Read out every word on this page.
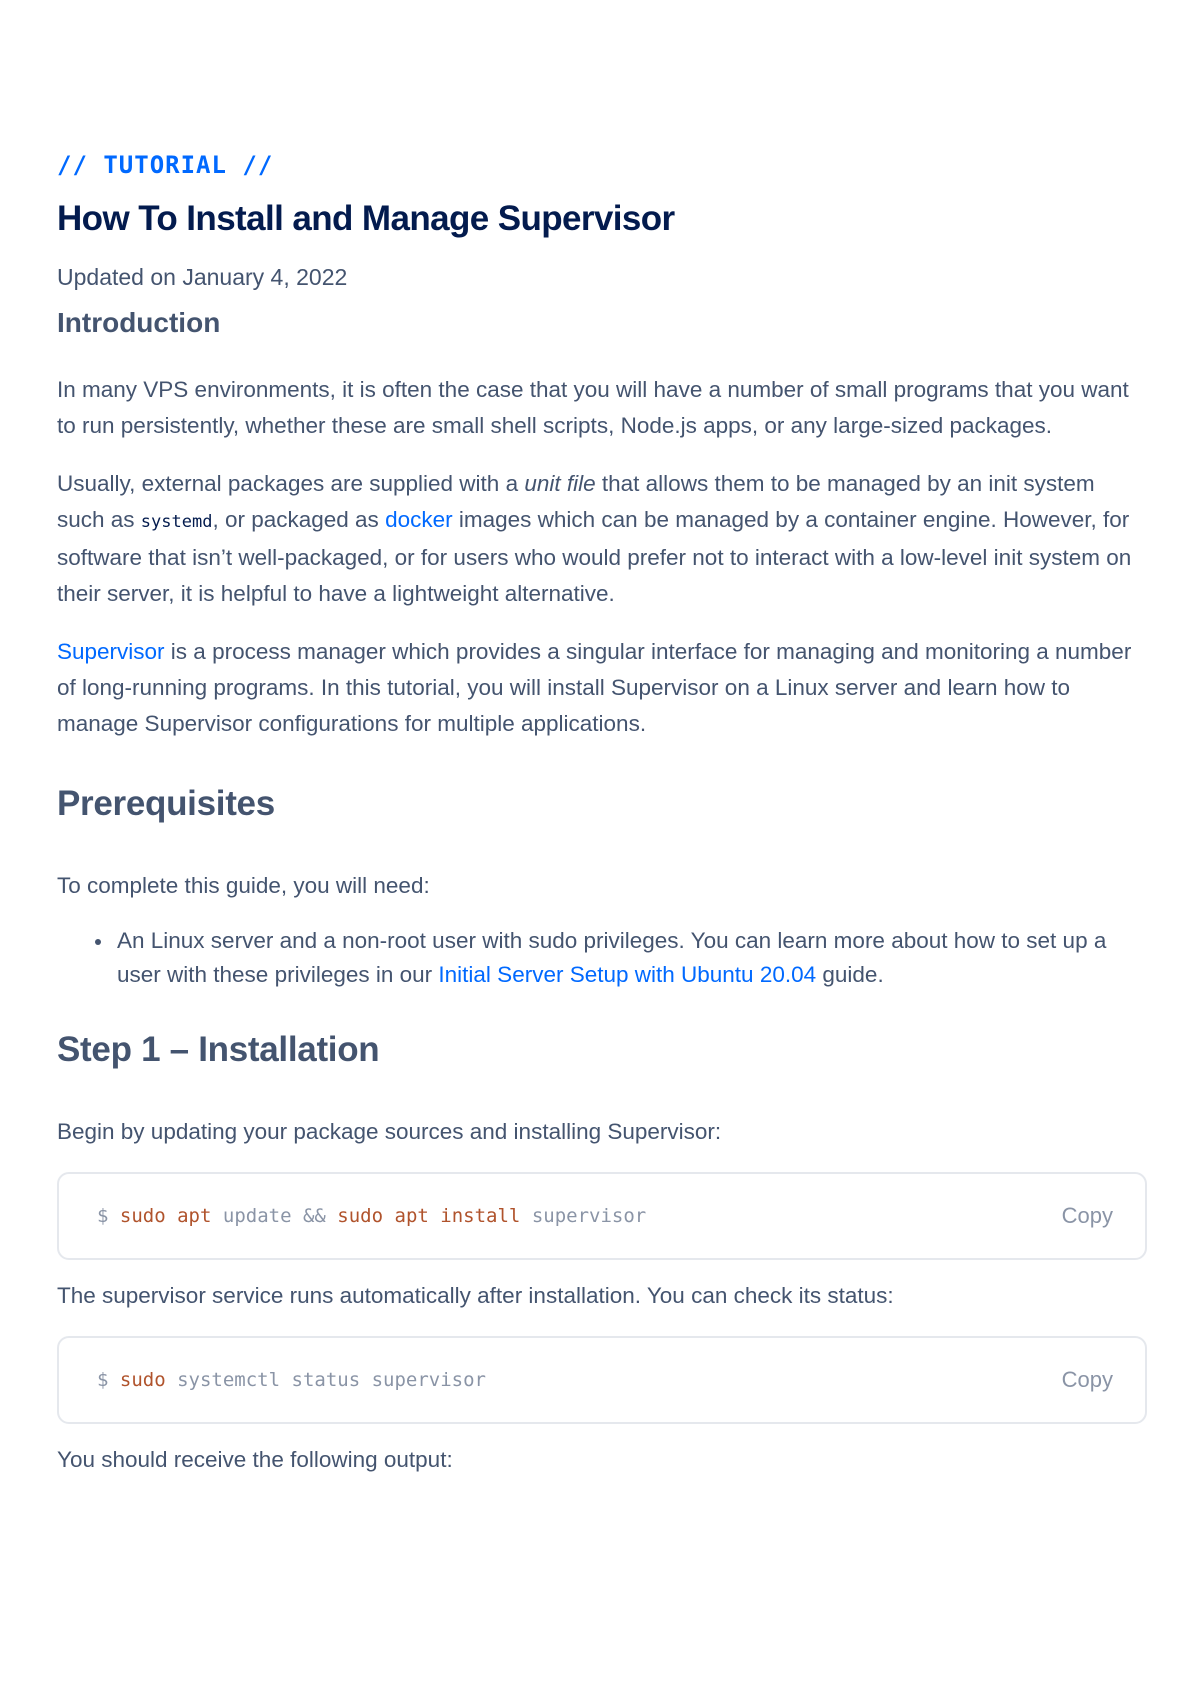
// TUTORIAL //
How To Install and Manage Supervisor
Updated on January 4, 2022
Introduction

In many VPS environments, it is often the case that you will have a number of small programs that you want to run persistently, whether these are small shell scripts, Node.js apps, or any large-sized packages.

Usually, external packages are supplied with a unit file that allows them to be managed by an init system such as systemd, or packaged as docker images which can be managed by a container engine. However, for software that isn’t well-packaged, or for users who would prefer not to interact with a low-level init system on their server, it is helpful to have a lightweight alternative.

Supervisor is a process manager which provides a singular interface for managing and monitoring a number of long-running programs. In this tutorial, you will install Supervisor on a Linux server and learn how to manage Supervisor configurations for multiple applications.

Prerequisites

To complete this guide, you will need:

An Linux server and a non-root user with sudo privileges. You can learn more about how to set up a user with these privileges in our Initial Server Setup with Ubuntu 20.04 guide.
Step 1 – Installation

Begin by updating your package sources and installing Supervisor:

$ sudo apt update && sudo apt install supervisor	Copy

The supervisor service runs automatically after installation. You can check its status:

$ sudo systemctl status supervisor	Copy

You should receive the following output:
